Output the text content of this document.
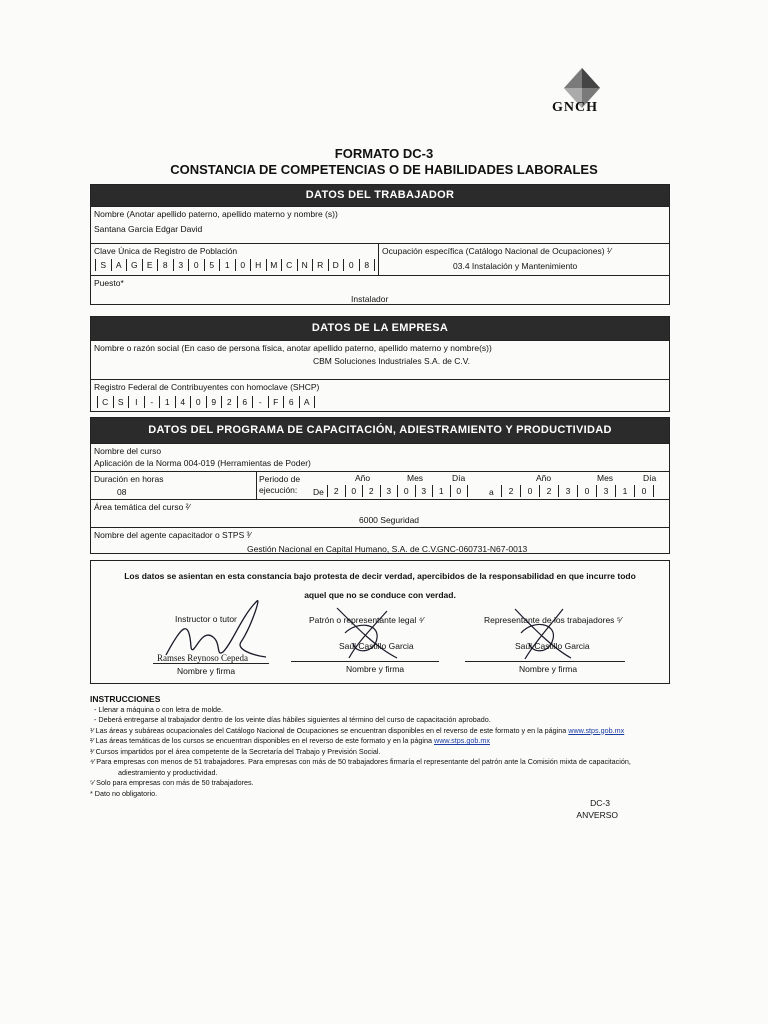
GNCH
FORMATO DC-3
CONSTANCIA DE COMPETENCIAS O DE HABILIDADES LABORALES
DATOS DEL TRABAJADOR
Nombre (Anotar apellido paterno, apellido materno y nombre (s))
Santana Garcia Edgar David
Clave Única de Registro de Población
S	A	G	E	8	3	0	5	1	0	H	M	C	N	R	D	0	8
Ocupación específica (Catálogo Nacional de Ocupaciones) ¹⁄
03.4 Instalación y Mantenimiento
Puesto*
Instalador
DATOS DE LA EMPRESA
Nombre o razón social (En caso de persona física, anotar apellido paterno, apellido materno y nombre(s))
CBM Soluciones Industriales S.A. de C.V.
Registro Federal de Contribuyentes con homoclave (SHCP)
C	S	I	-	1	4	0	9	2	6	-	F	6	A
DATOS DEL PROGRAMA DE CAPACITACIÓN, ADIESTRAMIENTO Y PRODUCTIVIDAD
Nombre del curso
Aplicación de la Norma 004-019 (Herramientas de Poder)
Duración en horas
08
Periodo de
ejecución: De
Año	Mes	Día
2	0	2	3	0	3	1	0	a
Año	Mes	Día
2	0	2	3	0	3	1	0
Área temática del curso ²⁄
6000 Seguridad
Nombre del agente capacitador o STPS ³⁄
Gestión Nacional en Capital Humano, S.A. de C.V. GNC-060731-N67-0013
Los datos se asientan en esta constancia bajo protesta de decir verdad, apercibidos de la responsabilidad en que incurre todo
aquel que no se conduce con verdad.
Instructor o tutor
Ramses Reynoso Cepeda
Nombre y firma
Patrón o representante legal ⁴⁄
Saúl Castillo Garcia
Nombre y firma
Representante de los trabajadores ⁵⁄
Saúl Castillo Garcia
Nombre y firma
INSTRUCCIONES
- Llenar a máquina o con letra de molde.
- Deberá entregarse al trabajador dentro de los veinte días hábiles siguientes al término del curso de capacitación aprobado.
¹⁄ Las áreas y subáreas ocupacionales del Catálogo Nacional de Ocupaciones se encuentran disponibles en el reverso de este formato y en la página www.stps.gob.mx
²⁄ Las áreas temáticas de los cursos se encuentran disponibles en el reverso de este formato y en la página www.stps.gob.mx
³⁄ Cursos impartidos por el área competente de la Secretaría del Trabajo y Previsión Social.
⁴⁄ Para empresas con menos de 51 trabajadores. Para empresas con más de 50 trabajadores firmaría el representante del patrón ante la Comisión mixta de capacitación,
adiestramiento y productividad.
⁵⁄ Solo para empresas con más de 50 trabajadores.
* Dato no obligatorio.
DC-3
ANVERSO
